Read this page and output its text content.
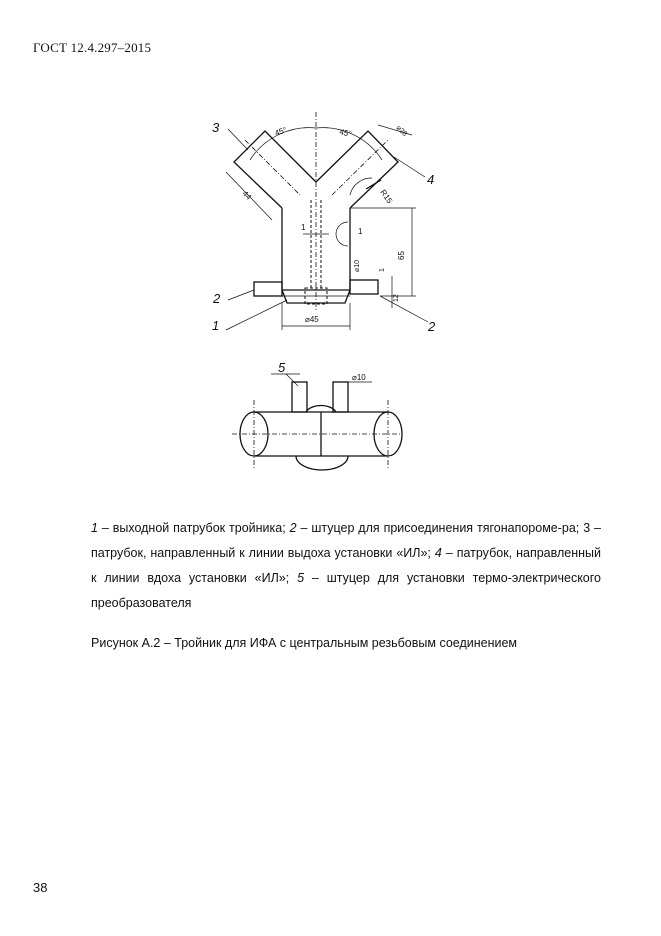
ГОСТ 12.4.297–2015
45°	45°	⌀28
44	R15
1	1
65
⌀10	1
12
⌀45
3
4
2
1	2
5
⌀10
1 – выходной патрубок тройника; 2 – штуцер для присоединения тягонапороме-ра; 3 – патрубок, направленный к линии выдоха установки «ИЛ»; 4 – патрубок, направленный к линии вдоха установки «ИЛ»; 5 – штуцер для установки термо-электрического преобразователя
Рисунок А.2 – Тройник для ИФА с центральным резьбовым соединением
38
